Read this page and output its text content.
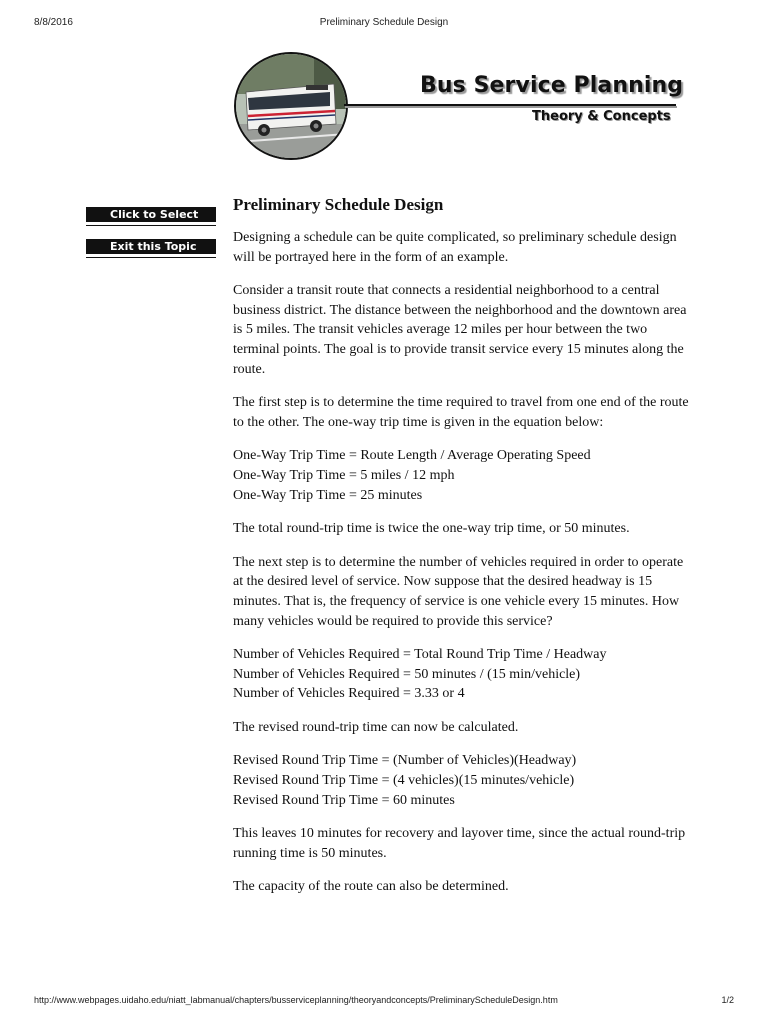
8/8/2016	Preliminary Schedule Design
Bus Service Planning
Theory & Concepts
Click to Select
Exit this Topic
Preliminary Schedule Design

Designing a schedule can be quite complicated, so preliminary schedule design will be portrayed here in the form of an example.

Consider a transit route that connects a residential neighborhood to a central business district. The distance between the neighborhood and the downtown area is 5 miles. The transit vehicles average 12 miles per hour between the two terminal points. The goal is to provide transit service every 15 minutes along the route.

The first step is to determine the time required to travel from one end of the route to the other. The one-way trip time is given in the equation below:

One-Way Trip Time = Route Length / Average Operating Speed
One-Way Trip Time = 5 miles / 12 mph
One-Way Trip Time = 25 minutes

The total round-trip time is twice the one-way trip time, or 50 minutes.

The next step is to determine the number of vehicles required in order to operate at the desired level of service. Now suppose that the desired headway is 15 minutes. That is, the frequency of service is one vehicle every 15 minutes. How many vehicles would be required to provide this service?

Number of Vehicles Required = Total Round Trip Time / Headway
Number of Vehicles Required = 50 minutes / (15 min/vehicle)
Number of Vehicles Required = 3.33 or 4

The revised round-trip time can now be calculated.

Revised Round Trip Time = (Number of Vehicles)(Headway)
Revised Round Trip Time = (4 vehicles)(15 minutes/vehicle)
Revised Round Trip Time = 60 minutes

This leaves 10 minutes for recovery and layover time, since the actual round-trip running time is 50 minutes.

The capacity of the route can also be determined.

http://www.webpages.uidaho.edu/niatt_labmanual/chapters/busserviceplanning/theoryandconcepts/PreliminaryScheduleDesign.htm	1/2
